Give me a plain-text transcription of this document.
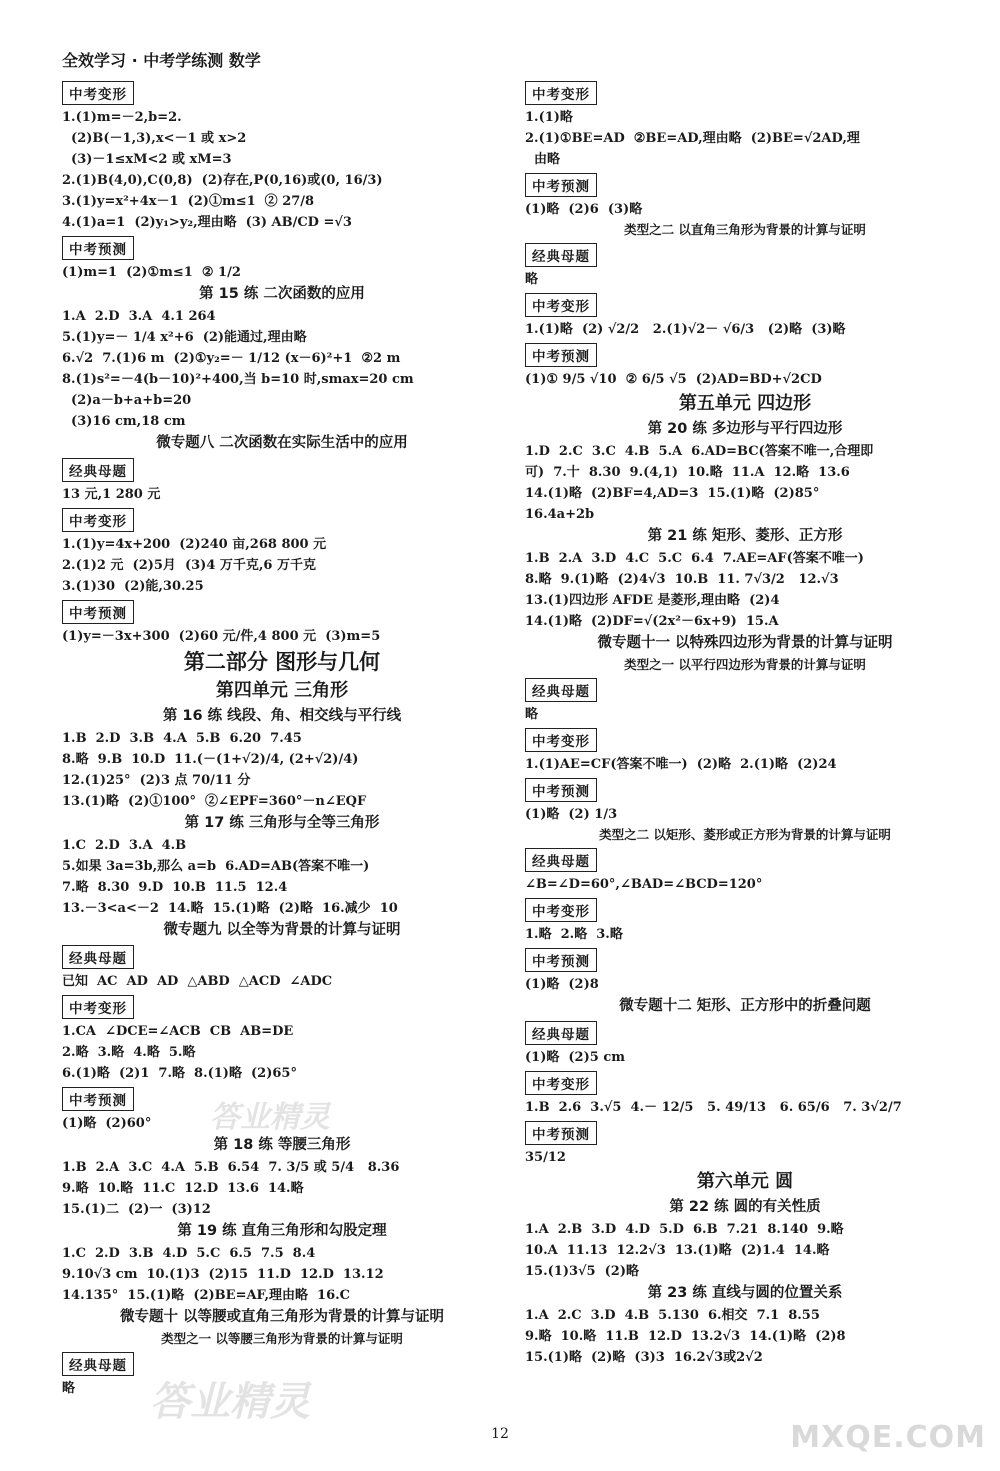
全效学习 · 中考学练测 数学
中考变形
1.(1)m=－2,b=2.
(2)B(－1,3),x<－1 或 x>2
(3)－1≤xM<2 或 xM=3
2.(1)B(4,0),C(0,8)  (2)存在,P(0,16)或(0, 16/3)
3.(1)y=x²+4x－1  (2)①m≤1  ② 27/8
4.(1)a=1  (2)y₁>y₂,理由略  (3) AB/CD =√3
中考预测
(1)m=1  (2)①m≤1  ② 1/2
第 15 练 二次函数的应用
1.A  2.D  3.A  4.1 264
5.(1)y=－ 1/4 x²+6  (2)能通过,理由略
6.√2  7.(1)6 m  (2)①y₂=－ 1/12 (x－6)²+1  ②2 m
8.(1)s²=－4(b－10)²+400,当 b=10 时,smax=20 cm
(2)a－b+a+b=20
(3)16 cm,18 cm
微专题八 二次函数在实际生活中的应用
经典母题
13 元,1 280 元
中考变形
1.(1)y=4x+200  (2)240 亩,268 800 元
2.(1)2 元  (2)5月  (3)4 万千克,6 万千克
3.(1)30  (2)能,30.25
中考预测
(1)y=－3x+300  (2)60 元/件,4 800 元  (3)m=5
第二部分 图形与几何
第四单元 三角形
第 16 练 线段、角、相交线与平行线
1.B  2.D  3.B  4.A  5.B  6.20  7.45
8.略  9.B  10.D  11.(－(1+√2)/4, (2+√2)/4)
12.(1)25°  (2)3 点 70/11 分
13.(1)略  (2)①100°  ②∠EPF=360°－n∠EQF
第 17 练 三角形与全等三角形
1.C  2.D  3.A  4.B
5.如果 3a=3b,那么 a=b  6.AD=AB(答案不唯一)
7.略  8.30  9.D  10.B  11.5  12.4
13.－3<a<－2  14.略  15.(1)略  (2)略  16.减少  10
微专题九 以全等为背景的计算与证明
经典母题
已知  AC  AD  AD  △ABD  △ACD  ∠ADC
中考变形
1.CA  ∠DCE=∠ACB  CB  AB=DE
2.略  3.略  4.略  5.略
6.(1)略  (2)1  7.略  8.(1)略  (2)65°
中考预测
(1)略  (2)60°
第 18 练 等腰三角形
1.B  2.A  3.C  4.A  5.B  6.54  7. 3/5 或 5/4   8.36
9.略  10.略  11.C  12.D  13.6  14.略
15.(1)二  (2)一  (3)12
第 19 练 直角三角形和勾股定理
1.C  2.D  3.B  4.D  5.C  6.5  7.5  8.4
9.10√3 cm  10.(1)3  (2)15  11.D  12.D  13.12
14.135°  15.(1)略  (2)BE=AF,理由略  16.C
微专题十 以等腰或直角三角形为背景的计算与证明
类型之一 以等腰三角形为背景的计算与证明
经典母题
略
中考变形
1.(1)略
2.(1)①BE=AD  ②BE=AD,理由略  (2)BE=√2AD,理
由略
中考预测
(1)略  (2)6  (3)略
类型之二 以直角三角形为背景的计算与证明
经典母题
略
中考变形
1.(1)略  (2) √2/2   2.(1)√2－ √6/3   (2)略  (3)略
中考预测
(1)① 9/5 √10  ② 6/5 √5  (2)AD=BD+√2CD
第五单元 四边形
第 20 练 多边形与平行四边形
1.D  2.C  3.C  4.B  5.A  6.AD=BC(答案不唯一,合理即
可)  7.十  8.30  9.(4,1)  10.略  11.A  12.略  13.6
14.(1)略  (2)BF=4,AD=3  15.(1)略  (2)85°
16.4a+2b
第 21 练 矩形、菱形、正方形
1.B  2.A  3.D  4.C  5.C  6.4  7.AE=AF(答案不唯一)
8.略  9.(1)略  (2)4√3  10.B  11. 7√3/2   12.√3
13.(1)四边形 AFDE 是菱形,理由略  (2)4
14.(1)略  (2)DF=√(2x²－6x+9)  15.A
微专题十一 以特殊四边形为背景的计算与证明
类型之一 以平行四边形为背景的计算与证明
经典母题
略
中考变形
1.(1)AE=CF(答案不唯一)  (2)略  2.(1)略  (2)24
中考预测
(1)略  (2) 1/3
类型之二 以矩形、菱形或正方形为背景的计算与证明
经典母题
∠B=∠D=60°,∠BAD=∠BCD=120°
中考变形
1.略  2.略  3.略
中考预测
(1)略  (2)8
微专题十二 矩形、正方形中的折叠问题
经典母题
(1)略  (2)5 cm
中考变形
1.B  2.6  3.√5  4.－ 12/5   5. 49/13   6. 65/6   7. 3√2/7
中考预测
35/12
第六单元 圆
第 22 练 圆的有关性质
1.A  2.B  3.D  4.D  5.D  6.B  7.21  8.140  9.略
10.A  11.13  12.2√3  13.(1)略  (2)1.4  14.略
15.(1)3√5  (2)略
第 23 练 直线与圆的位置关系
1.A  2.C  3.D  4.B  5.130  6.相交  7.1  8.55
9.略  10.略  11.B  12.D  13.2√3  14.(1)略  (2)8
15.(1)略  (2)略  (3)3  16.2√3或2√2
答业精灵
答业精灵
MXQE.COM
12
